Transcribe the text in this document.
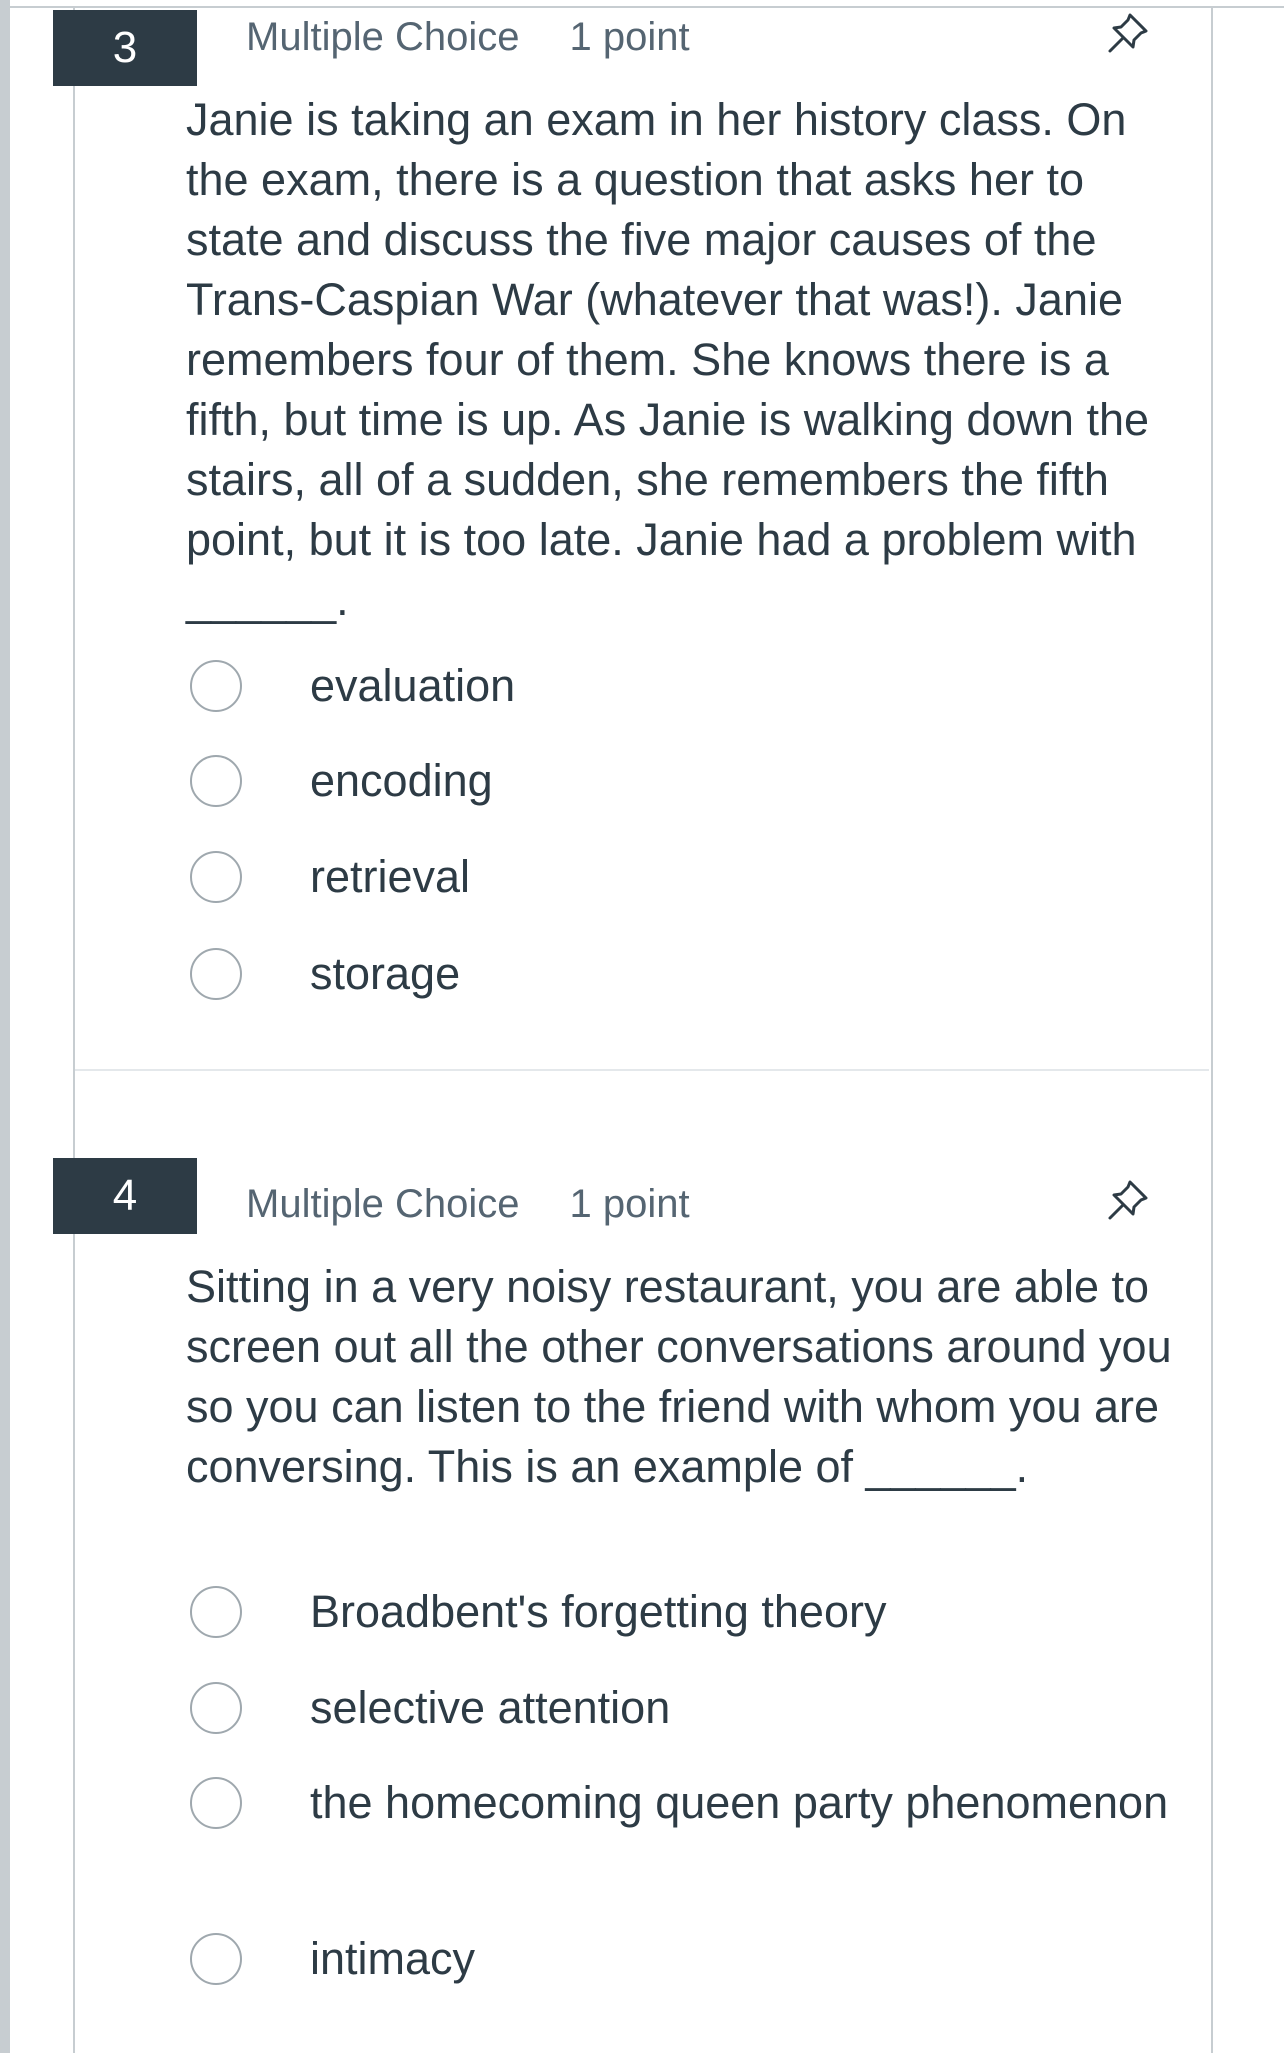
3	Multiple Choice 1 point
Janie is taking an exam in her history class. On the exam, there is a question that asks her to state and discuss the five major causes of the Trans-Caspian War (whatever that was!). Janie remembers four of them. She knows there is a fifth, but time is up. As Janie is walking down the stairs, all of a sudden, she remembers the fifth point, but it is too late. Janie had a problem with ______.
evaluation
encoding
retrieval
storage
4	Multiple Choice 1 point
Sitting in a very noisy restaurant, you are able to screen out all the other conversations around you so you can listen to the friend with whom you are conversing. This is an example of ______.
Broadbent's forgetting theory
selective attention
the homecoming queen party phenomenon
intimacy
